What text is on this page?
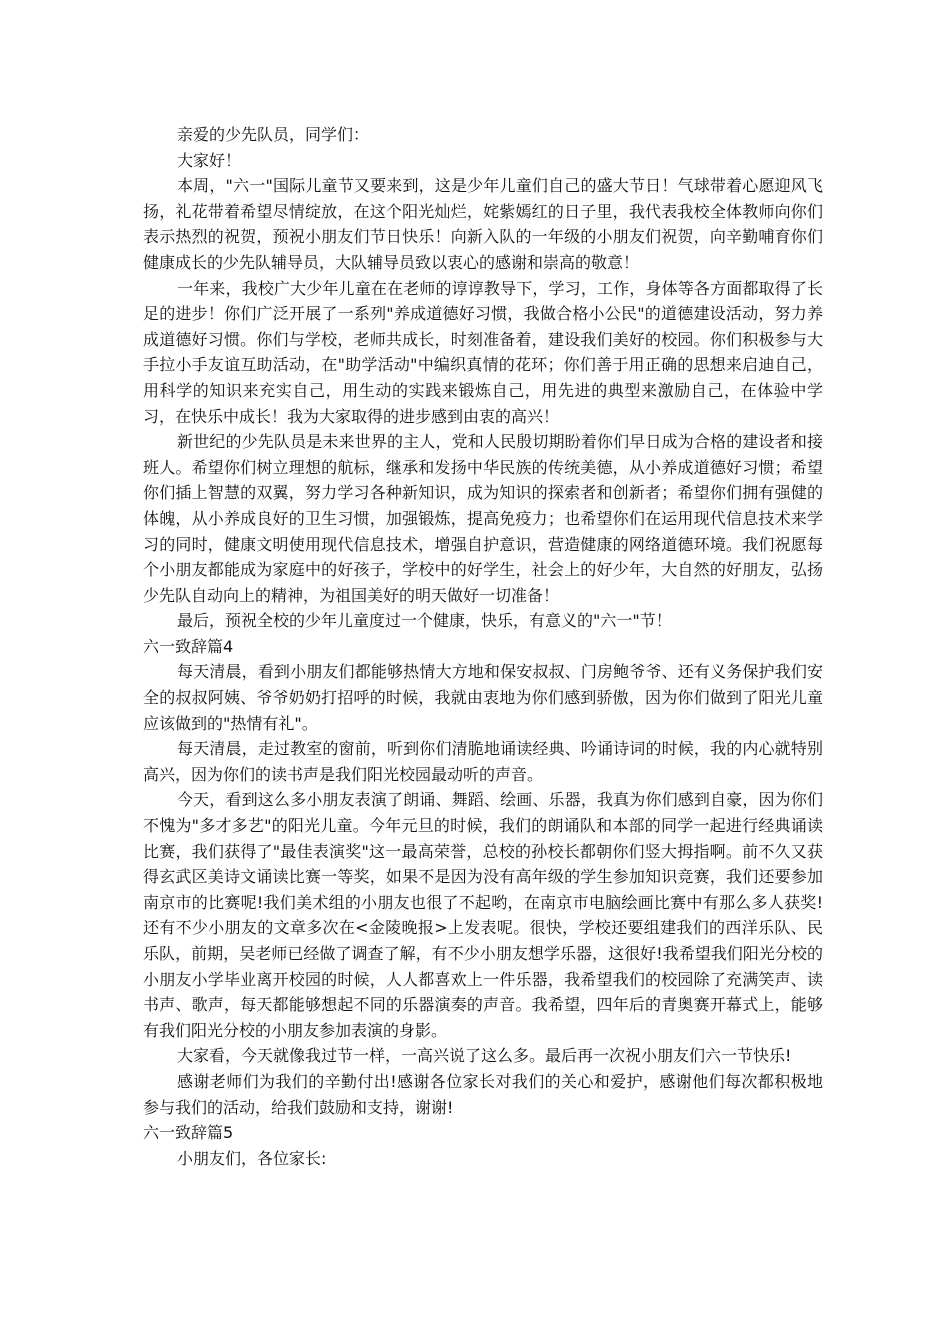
亲爱的少先队员，同学们：

大家好！

本周，"六一"国际儿童节又要来到，这是少年儿童们自己的盛大节日！气球带着心愿迎风飞扬，礼花带着希望尽情绽放，在这个阳光灿烂，姹紫嫣红的日子里，我代表我校全体教师向你们表示热烈的祝贺，预祝小朋友们节日快乐！向新入队的一年级的小朋友们祝贺，向辛勤哺育你们健康成长的少先队辅导员，大队辅导员致以衷心的感谢和崇高的敬意！

一年来，我校广大少年儿童在在老师的谆谆教导下，学习，工作，身体等各方面都取得了长足的进步！你们广泛开展了一系列"养成道德好习惯，我做合格小公民"的道德建设活动，努力养成道德好习惯。你们与学校，老师共成长，时刻准备着，建设我们美好的校园。你们积极参与大手拉小手友谊互助活动，在"助学活动"中编织真情的花环；你们善于用正确的思想来启迪自己，用科学的知识来充实自己，用生动的实践来锻炼自己，用先进的典型来激励自己，在体验中学习，在快乐中成长！我为大家取得的进步感到由衷的高兴！

新世纪的少先队员是未来世界的主人，党和人民殷切期盼着你们早日成为合格的建设者和接班人。希望你们树立理想的航标，继承和发扬中华民族的传统美德，从小养成道德好习惯；希望你们插上智慧的双翼，努力学习各种新知识，成为知识的探索者和创新者；希望你们拥有强健的体魄，从小养成良好的卫生习惯，加强锻炼，提高免疫力；也希望你们在运用现代信息技术来学习的同时，健康文明使用现代信息技术，增强自护意识，营造健康的网络道德环境。我们祝愿每个小朋友都能成为家庭中的好孩子，学校中的好学生，社会上的好少年，大自然的好朋友，弘扬少先队自动向上的精神，为祖国美好的明天做好一切准备！

最后，预祝全校的少年儿童度过一个健康，快乐，有意义的"六一"节！

六一致辞篇4

每天清晨，看到小朋友们都能够热情大方地和保安叔叔、门房鲍爷爷、还有义务保护我们安全的叔叔阿姨、爷爷奶奶打招呼的时候，我就由衷地为你们感到骄傲，因为你们做到了阳光儿童应该做到的"热情有礼"。

每天清晨，走过教室的窗前，听到你们清脆地诵读经典、吟诵诗词的时候，我的内心就特别高兴，因为你们的读书声是我们阳光校园最动听的声音。

今天，看到这么多小朋友表演了朗诵、舞蹈、绘画、乐器，我真为你们感到自豪，因为你们不愧为"多才多艺"的阳光儿童。今年元旦的时候，我们的朗诵队和本部的同学一起进行经典诵读比赛，我们获得了"最佳表演奖"这一最高荣誉，总校的孙校长都朝你们竖大拇指啊。前不久又获得玄武区美诗文诵读比赛一等奖，如果不是因为没有高年级的学生参加知识竞赛，我们还要参加南京市的比赛呢!我们美术组的小朋友也很了不起哟，在南京市电脑绘画比赛中有那么多人获奖!还有不少小朋友的文章多次在<金陵晚报>上发表呢。很快，学校还要组建我们的西洋乐队、民乐队，前期，吴老师已经做了调查了解，有不少小朋友想学乐器，这很好!我希望我们阳光分校的小朋友小学毕业离开校园的时候，人人都喜欢上一件乐器，我希望我们的校园除了充满笑声、读书声、歌声，每天都能够想起不同的乐器演奏的声音。我希望，四年后的青奥赛开幕式上，能够有我们阳光分校的小朋友参加表演的身影。

大家看，今天就像我过节一样，一高兴说了这么多。最后再一次祝小朋友们六一节快乐!

感谢老师们为我们的辛勤付出!感谢各位家长对我们的关心和爱护，感谢他们每次都积极地参与我们的活动，给我们鼓励和支持，谢谢!

六一致辞篇5

小朋友们，各位家长:
